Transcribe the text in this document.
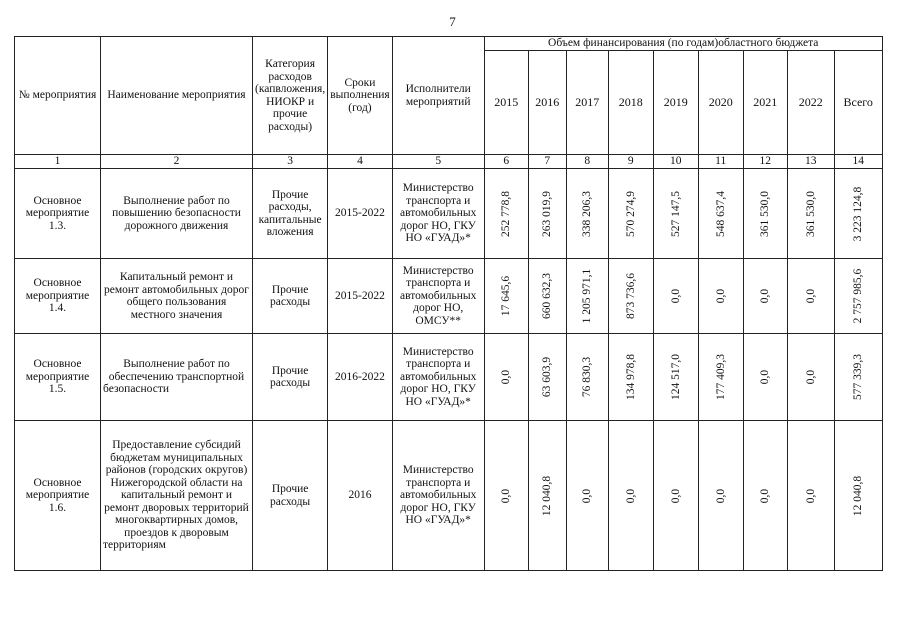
7
№ мероприятия	Наименование мероприятия	Категория расходов (капвложения, НИОКР и прочие расходы)	Сроки выполнения (год)	Исполнители мероприятий	Объем финансирования (по годам)областного бюджета								
					2015	2016	2017	2018	2019	2020	2021	2022	Всего
1	2	3	4	5	6	7	8	9	10	11	12	13	14
Основное мероприятие 1.3.	Выполнение работ по повышению безопасности дорожного движения	Прочие расходы, капитальные вложения	2015-2022	Министерство транспорта и автомобильных дорог НО, ГКУ НО «ГУАД»*	252 778,8	263 019,9	338 206,3	570 274,9	527 147,5	548 637,4	361 530,0	361 530,0	3 223 124,8

Основное мероприятие 1.4.	Капитальный ремонт и ремонт автомобильных дорог общего пользования местного значения	Прочие расходы	2015-2022	Министерство транспорта и автомобильных дорог НО, ОМСУ**	17 645,6	660 632,3	1 205 971,1	873 736,6	0,0	0,0	0,0	0,0	2 757 985,6

Основное мероприятие 1.5.	Выполнение работ по обеспечению транспортной безопасности	Прочие расходы	2016-2022	Министерство транспорта и автомобильных дорог НО, ГКУ НО «ГУАД»*	0,0	63 603,9	76 830,3	134 978,8	124 517,0	177 409,3	0,0	0,0	577 339,3

Основное мероприятие 1.6.	Предоставление субсидий бюджетам муниципальных районов (городских округов) Нижегородской области на капитальный ремонт и ремонт дворовых территорий многоквартирных домов, проездов к дворовым территориям	Прочие расходы	2016	Министерство транспорта и автомобильных дорог НО, ГКУ НО «ГУАД»*	0,0	12 040,8	0,0	0,0	0,0	0,0	0,0	0,0	12 040,8
